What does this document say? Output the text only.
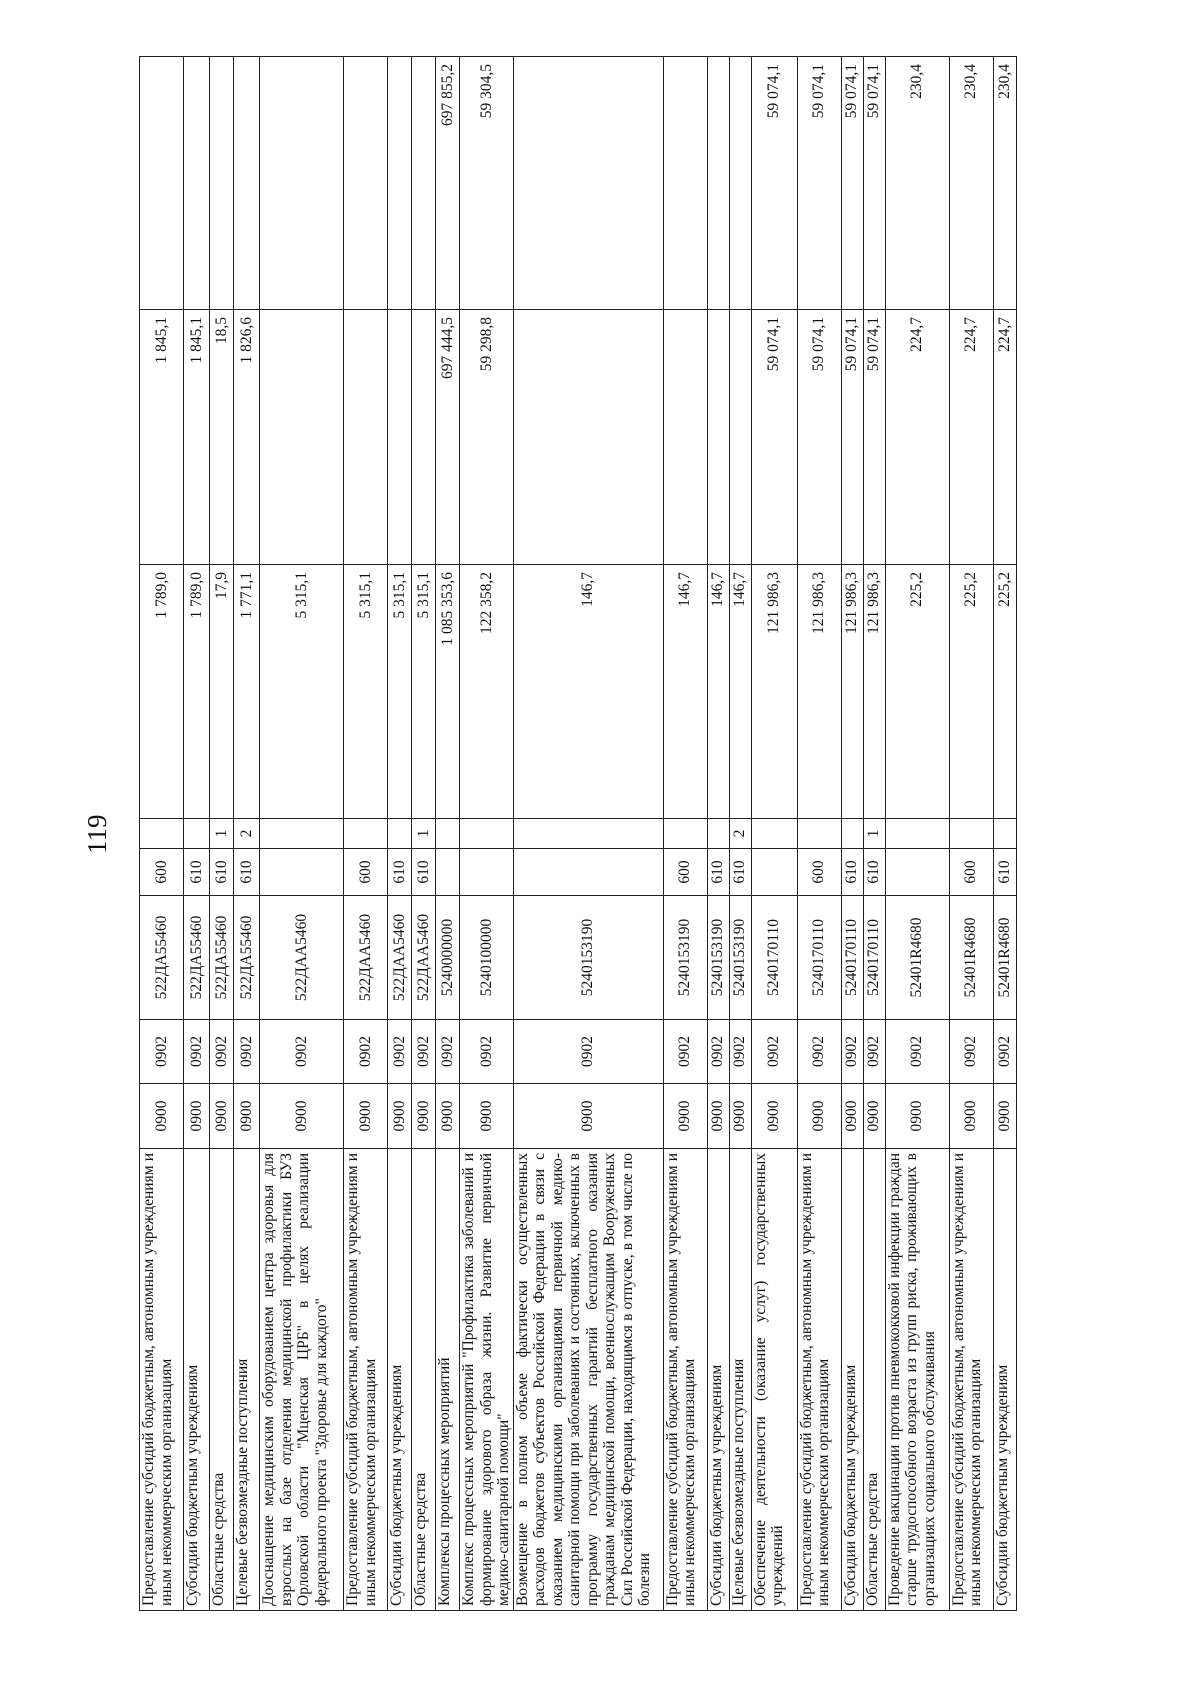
119
Предоставление субсидий бюджетным, автономным учреждениям и иным некоммерческим организациям	0900	0902	522ДА55460	600		1 789,0	1 845,1	
Субсидии бюджетным учреждениям	0900	0902	522ДА55460	610		1 789,0	1 845,1	
Областные средства	0900	0902	522ДА55460	610	1	17,9	18,5	
Целевые безвозмездные поступления	0900	0902	522ДА55460	610	2	1 771,1	1 826,6	
Дооснащение медицинским оборудованием центра здоровья для взрослых на базе отделения медицинской профилактики БУЗ Орловской области "Мценская ЦРБ" в целях реализации федерального проекта "Здоровье для каждого"	0900	0902	522ДАА5460			5 315,1		
Предоставление субсидий бюджетным, автономным учреждениям и иным некоммерческим организациям	0900	0902	522ДАА5460	600		5 315,1		
Субсидии бюджетным учреждениям	0900	0902	522ДАА5460	610		5 315,1		
Областные средства	0900	0902	522ДАА5460	610	1	5 315,1		
Комплексы процессных мероприятий	0900	0902	5240000000			1 085 353,6	697 444,5	697 855,2
Комплекс процессных мероприятий "Профилактика заболеваний и формирование здорового образа жизни. Развитие первичной медико-санитарной помощи"	0900	0902	5240100000			122 358,2	59 298,8	59 304,5
Возмещение в полном объеме фактически осуществленных расходов бюджетов субъектов Российской Федерации в связи с оказанием медицинскими организациями первичной медико-санитарной помощи при заболеваниях и состояниях, включенных в программу государственных гарантий бесплатного оказания гражданам медицинской помощи, военнослужащим Вооруженных Сил Российской Федерации, находящимся в отпуске, в том числе по болезни	0900	0902	5240153190			146,7		
Предоставление субсидий бюджетным, автономным учреждениям и иным некоммерческим организациям	0900	0902	5240153190	600		146,7		
Субсидии бюджетным учреждениям	0900	0902	5240153190	610		146,7		
Целевые безвозмездные поступления	0900	0902	5240153190	610	2	146,7		
Обеспечение деятельности (оказание услуг) государственных учреждений	0900	0902	5240170110			121 986,3	59 074,1	59 074,1
Предоставление субсидий бюджетным, автономным учреждениям и иным некоммерческим организациям	0900	0902	5240170110	600		121 986,3	59 074,1	59 074,1
Субсидии бюджетным учреждениям	0900	0902	5240170110	610		121 986,3	59 074,1	59 074,1
Областные средства	0900	0902	5240170110	610	1	121 986,3	59 074,1	59 074,1
Проведение вакцинации против пневмококковой инфекции граждан старше трудоспособного возраста из групп риска, проживающих в организациях социального обслуживания	0900	0902	52401R4680			225,2	224,7	230,4
Предоставление субсидий бюджетным, автономным учреждениям и иным некоммерческим организациям	0900	0902	52401R4680	600		225,2	224,7	230,4
Субсидии бюджетным учреждениям	0900	0902	52401R4680	610		225,2	224,7	230,4
